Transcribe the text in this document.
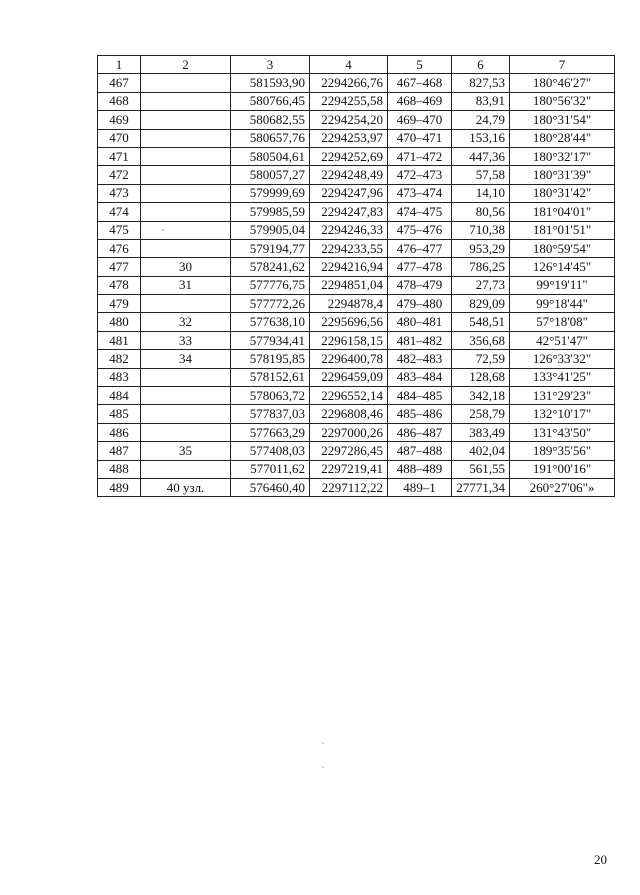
1	2	3	4	5	6	7
467		581593,90	2294266,76	467–468	827,53	180°46'27"
468		580766,45	2294255,58	468–469	83,91	180°56'32"
469		580682,55	2294254,20	469–470	24,79	180°31'54"
470		580657,76	2294253,97	470–471	153,16	180°28'44"
471		580504,61	2294252,69	471–472	447,36	180°32'17"
472		580057,27	2294248,49	472–473	57,58	180°31'39"
473		579999,69	2294247,96	473–474	14,10	180°31'42"
474		579985,59	2294247,83	474–475	80,56	181°04'01"
475		579905,04	2294246,33	475–476	710,38	181°01'51"
476		579194,77	2294233,55	476–477	953,29	180°59'54"
477	30	578241,62	2294216,94	477–478	786,25	126°14'45"
478	31	577776,75	2294851,04	478–479	27,73	99°19'11"
479		577772,26	2294878,4	479–480	829,09	99°18'44"
480	32	577638,10	2295696,56	480–481	548,51	57°18'08"
481	33	577934,41	2296158,15	481–482	356,68	42°51'47"
482	34	578195,85	2296400,78	482–483	72,59	126°33'32"
483		578152,61	2296459,09	483–484	128,68	133°41'25"
484		578063,72	2296552,14	484–485	342,18	131°29'23"
485		577837,03	2296808,46	485–486	258,79	132°10'17"
486		577663,29	2297000,26	486–487	383,49	131°43'50"
487	35	577408,03	2297286,45	487–488	402,04	189°35'56"
488		577011,62	2297219,41	488–489	561,55	191°00'16"
489	40 узл.	576460,40	2297112,22	489–1	27771,34	260°27'06"»
20
